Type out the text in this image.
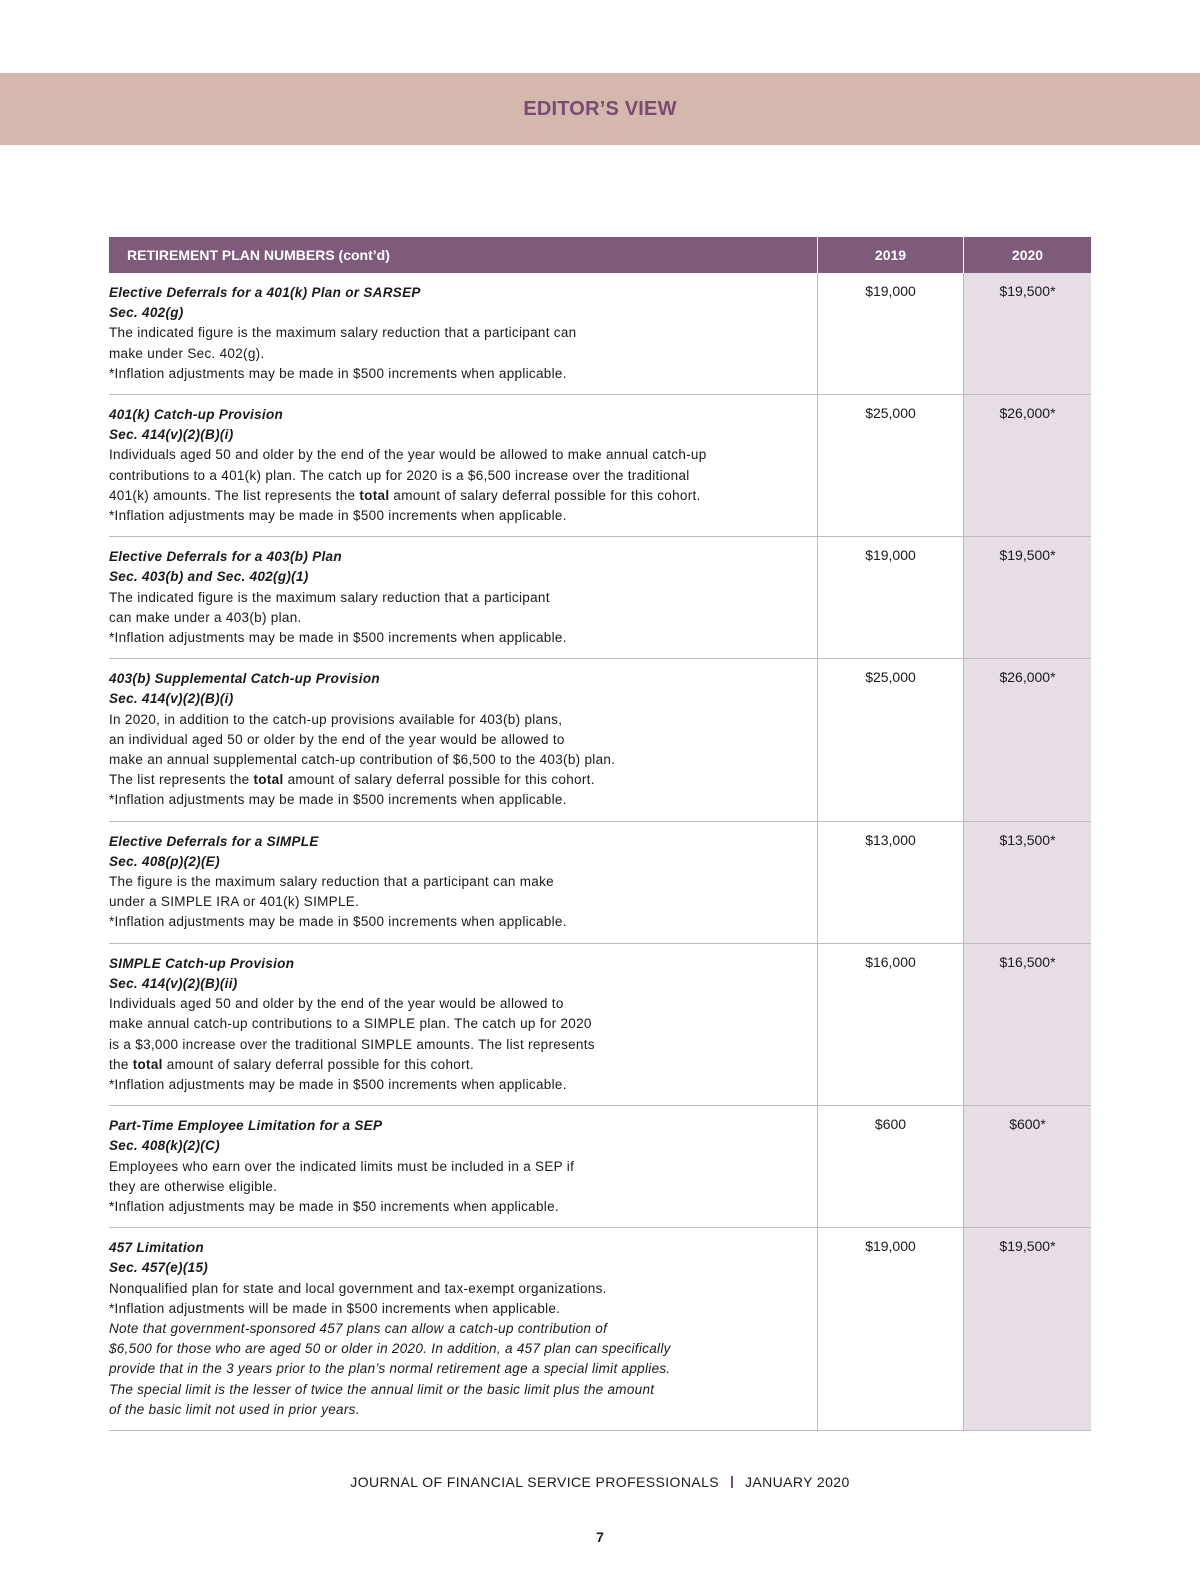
EDITOR’S VIEW
RETIREMENT PLAN NUMBERS (cont’d)	2019	2020
Elective Deferrals for a 401(k) Plan or SARSEP
Sec. 402(g)
The indicated figure is the maximum salary reduction that a participant can
make under Sec. 402(g).
*Inflation adjustments may be made in $500 increments when applicable.
$19,000	$19,500*
401(k) Catch-up Provision
Sec. 414(v)(2)(B)(i)
Individuals aged 50 and older by the end of the year would be allowed to make annual catch-up
contributions to a 401(k) plan. The catch up for 2020 is a $6,500 increase over the traditional
401(k) amounts. The list represents the total amount of salary deferral possible for this cohort.
*Inflation adjustments may be made in $500 increments when applicable.
$25,000	$26,000*
Elective Deferrals for a 403(b) Plan
Sec. 403(b) and Sec. 402(g)(1)
The indicated figure is the maximum salary reduction that a participant
can make under a 403(b) plan.
*Inflation adjustments may be made in $500 increments when applicable.
$19,000	$19,500*
403(b) Supplemental Catch-up Provision
Sec. 414(v)(2)(B)(i)
In 2020, in addition to the catch-up provisions available for 403(b) plans,
an individual aged 50 or older by the end of the year would be allowed to
make an annual supplemental catch-up contribution of $6,500 to the 403(b) plan.
The list represents the total amount of salary deferral possible for this cohort.
*Inflation adjustments may be made in $500 increments when applicable.
$25,000	$26,000*
Elective Deferrals for a SIMPLE
Sec. 408(p)(2)(E)
The figure is the maximum salary reduction that a participant can make
under a SIMPLE IRA or 401(k) SIMPLE.
*Inflation adjustments may be made in $500 increments when applicable.
$13,000	$13,500*
SIMPLE Catch-up Provision
Sec. 414(v)(2)(B)(ii)
Individuals aged 50 and older by the end of the year would be allowed to
make annual catch-up contributions to a SIMPLE plan. The catch up for 2020
is a $3,000 increase over the traditional SIMPLE amounts. The list represents
the total amount of salary deferral possible for this cohort.
*Inflation adjustments may be made in $500 increments when applicable.
$16,000	$16,500*
Part-Time Employee Limitation for a SEP
Sec. 408(k)(2)(C)
Employees who earn over the indicated limits must be included in a SEP if
they are otherwise eligible.
*Inflation adjustments may be made in $50 increments when applicable.
$600	$600*
457 Limitation
Sec. 457(e)(15)
Nonqualified plan for state and local government and tax-exempt organizations.
*Inflation adjustments will be made in $500 increments when applicable.
Note that government-sponsored 457 plans can allow a catch-up contribution of
$6,500 for those who are aged 50 or older in 2020. In addition, a 457 plan can specifically
provide that in the 3 years prior to the plan’s normal retirement age a special limit applies.
The special limit is the lesser of twice the annual limit or the basic limit plus the amount
of the basic limit not used in prior years.
$19,000	$19,500*
JOURNAL OF FINANCIAL SERVICE PROFESSIONALS JANUARY 2020
7
